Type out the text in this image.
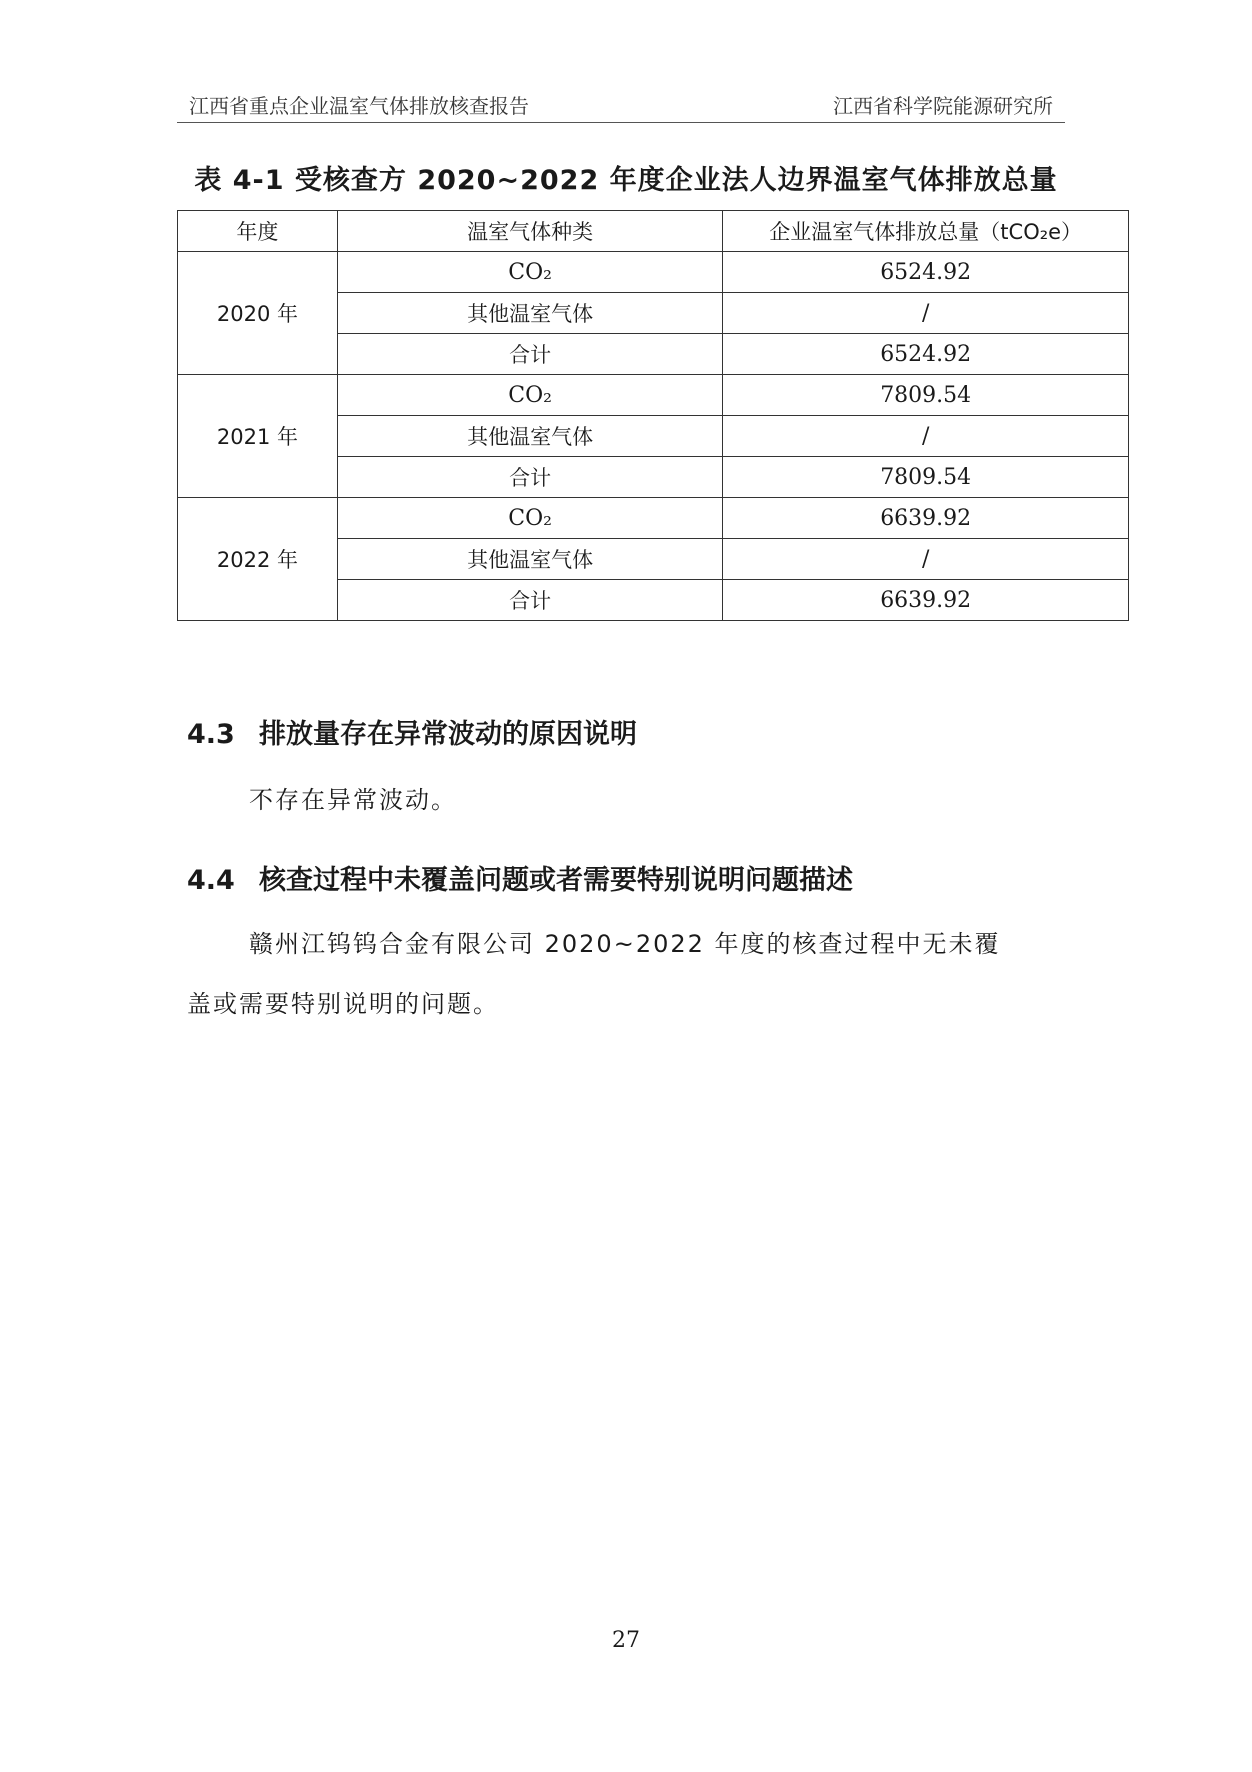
江西省重点企业温室气体排放核查报告	江西省科学院能源研究所
表 4-1 受核查方 2020~2022 年度企业法人边界温室气体排放总量
年度	温室气体种类	企业温室气体排放总量（tCO₂e）
2020 年	CO₂	6524.92
	其他温室气体	/
	合计	6524.92
2021 年	CO₂	7809.54
	其他温室气体	/
	合计	7809.54
2022 年	CO₂	6639.92
	其他温室气体	/
	合计	6639.92
4.3 排放量存在异常波动的原因说明
不存在异常波动。
4.4 核查过程中未覆盖问题或者需要特别说明问题描述
赣州江钨钨合金有限公司 2020~2022 年度的核查过程中无未覆
盖或需要特别说明的问题。
27
